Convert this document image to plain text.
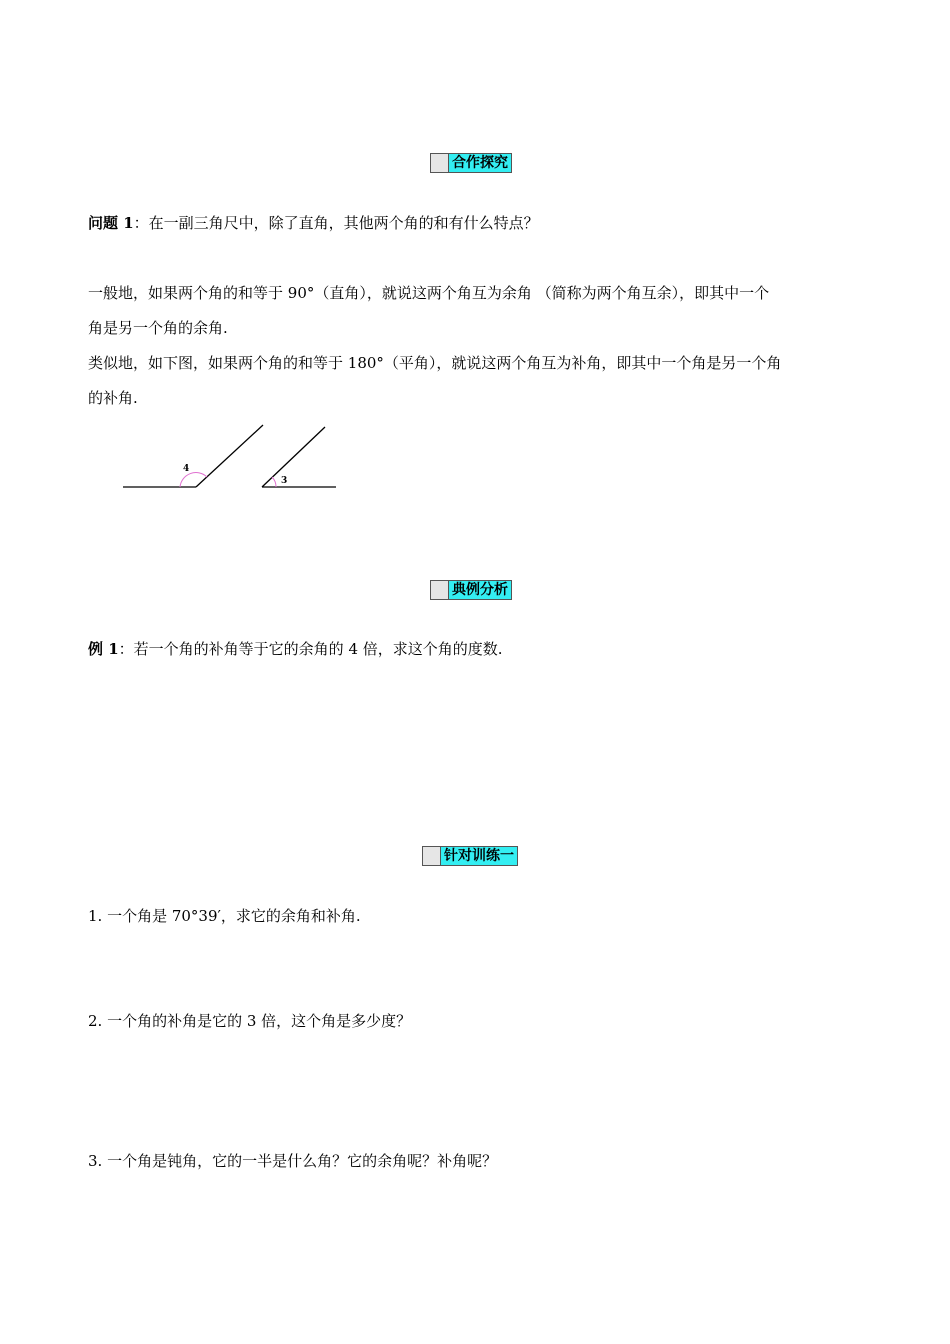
合作探究
问题 1：在一副三角尺中，除了直角，其他两个角的和有什么特点？
一般地，如果两个角的和等于 90°（直角），就说这两个角互为余角 （简称为两个角互余），即其中一个
角是另一个角的余角.
类似地，如下图，如果两个角的和等于 180°（平角），就说这两个角互为补角，即其中一个角是另一个角
的补角.
4
3
典例分析
例 1：若一个角的补角等于它的余角的 4 倍，求这个角的度数.
针对训练一
1. 一个角是 70°39′，求它的余角和补角.
2. 一个角的补角是它的 3 倍，这个角是多少度？
3. 一个角是钝角，它的一半是什么角？它的余角呢？补角呢？
